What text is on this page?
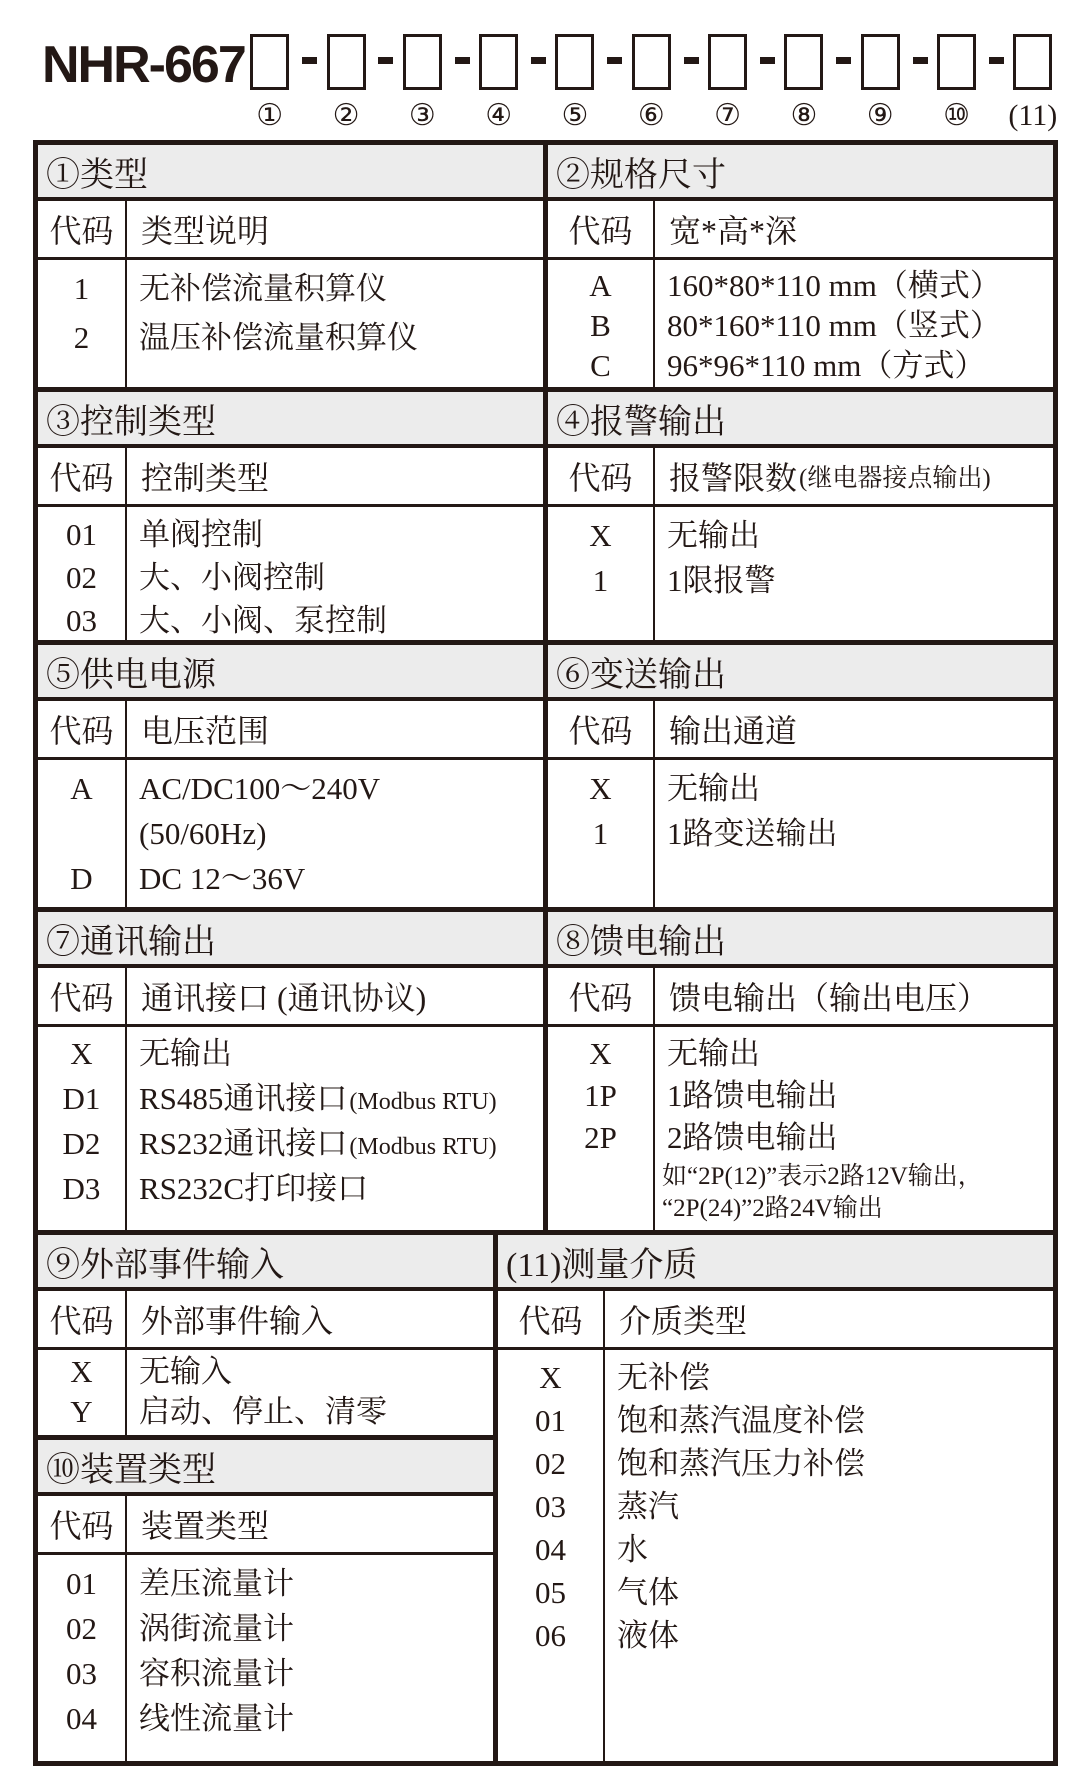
NHR-667
① ② ③ ④ ⑤ ⑥ ⑦ ⑧ ⑨ ⑩ (11)
①类型
代码 类型说明
1	无补偿流量积算仪
2	温压补偿流量积算仪
②规格尺寸
代码	宽*高*深
A	160*80*110 mm（横式）
B	80*160*110 mm（竖式）
C	96*96*110 mm（方式）
③控制类型
代码 控制类型
01	单阀控制
02	大、小阀控制
03	大、小阀、泵控制
④报警输出
代码	报警限数 (继电器接点输出)
X	无输出
1	1限报警
⑤供电电源
代码 电压范围
A	AC/DC100～240V
(50/60Hz)
D	DC 12～36V
⑥变送输出
代码	输出通道
X	无输出
1	1路变送输出
⑦通讯输出
代码 通讯接口 (通讯协议)
X	无输出
D1	RS485通讯接口(Modbus RTU)
D2	RS232通讯接口(Modbus RTU)
D3	RS232C打印接口
⑧馈电输出
代码	馈电输出（输出电压）
X	无输出
1P	1路馈电输出
2P	2路馈电输出
如“2P(12)”表示2路12V输出，
“2P(24)”2路24V输出
⑨外部事件输入
代码 外部事件输入
X	无输入
Y	启动、停止、清零
⑩装置类型
代码 装置类型
01	差压流量计
02	涡街流量计
03	容积流量计
04	线性流量计
(11)测量介质
代码	介质类型
X	无补偿
01	饱和蒸汽温度补偿
02	饱和蒸汽压力补偿
03	蒸汽
04	水
05	气体
06	液体
